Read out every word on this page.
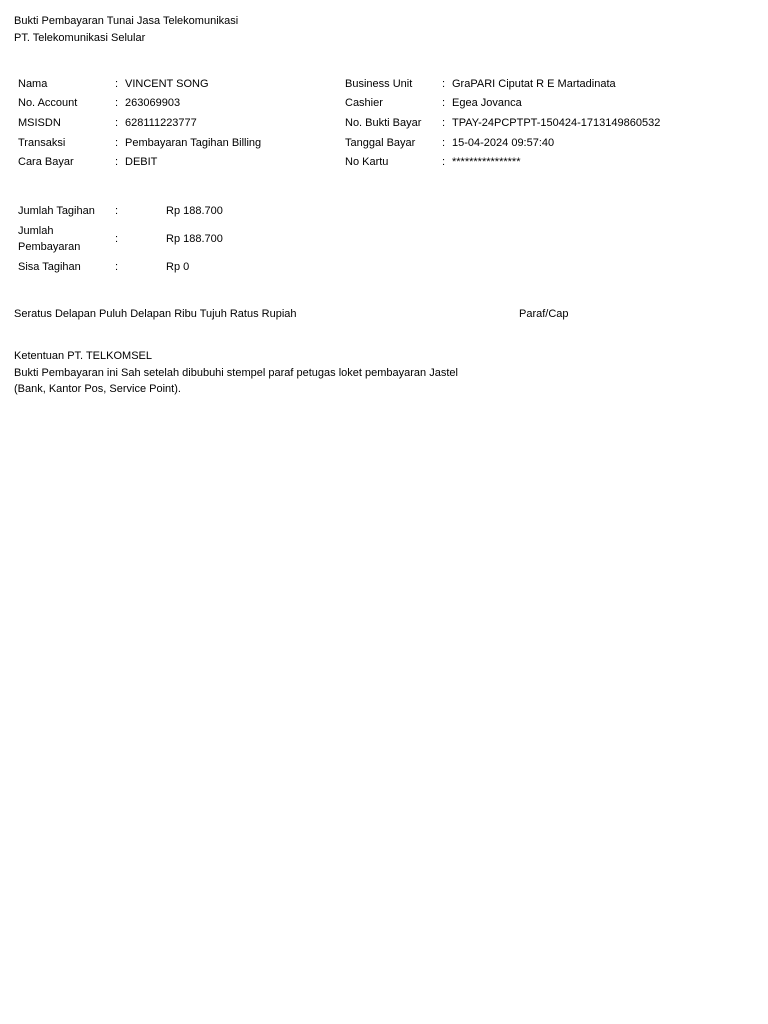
Bukti Pembayaran Tunai Jasa Telekomunikasi
PT. Telekomunikasi Selular
Nama	: VINCENT SONG
No. Account	: 263069903
MSISDN	: 628111223777
Transaksi	: Pembayaran Tagihan Billing
Cara Bayar	: DEBIT
Business Unit	: GraPARI Ciputat R E Martadinata
Cashier	: Egea Jovanca
No. Bukti Bayar : TPAY-24PCPTPT-150424-1713149860532
Tanggal Bayar : 15-04-2024 09:57:40
No Kartu	: ****************
Jumlah Tagihan :	Rp 188.700
Jumlah
Pembayaran
:	Rp 188.700
Sisa Tagihan	:	Rp 0
Seratus Delapan Puluh Delapan Ribu Tujuh Ratus Rupiah	Paraf/Cap
Ketentuan PT. TELKOMSEL
Bukti Pembayaran ini Sah setelah dibubuhi stempel paraf petugas loket pembayaran Jastel
(Bank, Kantor Pos, Service Point).
